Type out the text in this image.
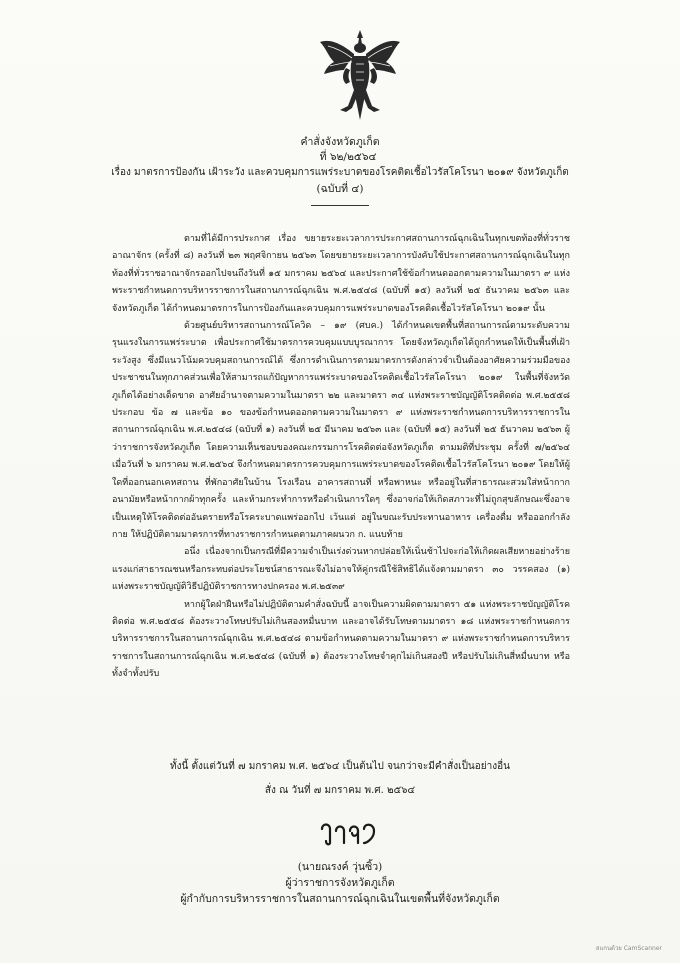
คำสั่งจังหวัดภูเก็ต
ที่ ๖๒/๒๕๖๔
เรื่อง มาตรการป้องกัน เฝ้าระวัง และควบคุมการแพร่ระบาดของโรคติดเชื้อไวรัสโคโรนา ๒๐๑๙ จังหวัดภูเก็ต
(ฉบับที่ ๔)

ตามที่ได้มีการประกาศ เรื่อง ขยายระยะเวลาการประกาศสถานการณ์ฉุกเฉินในทุกเขตท้องที่ทั่วราชอาณาจักร (ครั้งที่ ๘) ลงวันที่ ๒๓ พฤศจิกายน ๒๕๖๓ โดยขยายระยะเวลาการบังคับใช้ประกาศสถานการณ์ฉุกเฉินในทุกท้องที่ทั่วราชอาณาจักรออกไปจนถึงวันที่ ๑๕ มกราคม ๒๕๖๔ และประกาศใช้ข้อกำหนดออกตามความในมาตรา ๙ แห่งพระราชกำหนดการบริหารราชการในสถานการณ์ฉุกเฉิน พ.ศ.๒๕๔๘ (ฉบับที่ ๑๕) ลงวันที่ ๒๕ ธันวาคม ๒๕๖๓ และจังหวัดภูเก็ต ได้กำหนดมาตรการในการป้องกันและควบคุมการแพร่ระบาดของโรคติดเชื้อไวรัสโคโรนา ๒๐๑๙ นั้น

ด้วยศูนย์บริหารสถานการณ์โควิด – ๑๙ (ศบค.) ได้กำหนดเขตพื้นที่สถานการณ์ตามระดับความรุนแรงในการแพร่ระบาด เพื่อประกาศใช้มาตรการควบคุมแบบบูรณาการ โดยจังหวัดภูเก็ตได้ถูกกำหนดให้เป็นพื้นที่เฝ้าระวังสูง ซึ่งมีแนวโน้มควบคุมสถานการณ์ได้ ซึ่งการดำเนินการตามมาตรการดังกล่าวจำเป็นต้องอาศัยความร่วมมือของประชาชนในทุกภาคส่วนเพื่อให้สามารถแก้ปัญหาการแพร่ระบาดของโรคติดเชื้อไวรัสโคโรนา ๒๐๑๙ ในพื้นที่จังหวัดภูเก็ตได้อย่างเด็ดขาด อาศัยอำนาจตามความในมาตรา ๒๒ และมาตรา ๓๔ แห่งพระราชบัญญัติโรคติดต่อ พ.ศ.๒๕๕๘ ประกอบ ข้อ ๗ และข้อ ๑๐ ของข้อกำหนดออกตามความในมาตรา ๙ แห่งพระราชกำหนดการบริหารราชการในสถานการณ์ฉุกเฉิน พ.ศ.๒๕๔๘ (ฉบับที่ ๑) ลงวันที่ ๒๕ มีนาคม ๒๕๖๓ และ (ฉบับที่ ๑๕) ลงวันที่ ๒๕ ธันวาคม ๒๕๖๓ ผู้ว่าราชการจังหวัดภูเก็ต โดยความเห็นชอบของคณะกรรมการโรคติดต่อจังหวัดภูเก็ต ตามมติที่ประชุม ครั้งที่ ๗/๒๕๖๔ เมื่อวันที่ ๖ มกราคม พ.ศ.๒๕๖๔ จึงกำหนดมาตรการควบคุมการแพร่ระบาดของโรคติดเชื้อไวรัสโคโรนา ๒๐๑๙ โดยให้ผู้ใดที่ออกนอกเคหสถาน ที่พักอาศัยในบ้าน โรงเรือน อาคารสถานที่ หรือพาหนะ หรืออยู่ในที่สาธารณะสวมใส่หน้ากากอนามัยหรือหน้ากากผ้าทุกครั้ง และห้ามกระทำการหรือดำเนินการใดๆ ซึ่งอาจก่อให้เกิดสภาวะที่ไม่ถูกสุขลักษณะซึ่งอาจเป็นเหตุให้โรคติดต่ออันตรายหรือโรคระบาดแพร่ออกไป เว้นแต่ อยู่ในขณะรับประทานอาหาร เครื่องดื่ม หรือออกกำลังกาย ให้ปฏิบัติตามมาตรการที่ทางราชการกำหนดตามภาคผนวก ก. แนบท้าย

อนึ่ง เนื่องจากเป็นกรณีที่มีความจำเป็นเร่งด่วนหากปล่อยให้เนิ่นช้าไปจะก่อให้เกิดผลเสียหายอย่างร้ายแรงแก่สาธารณชนหรือกระทบต่อประโยชน์สาธารณะจึงไม่อาจให้คู่กรณีใช้สิทธิได้แจ้งตามมาตรา ๓๐ วรรคสอง (๑) แห่งพระราชบัญญัติวิธีปฏิบัติราชการทางปกครอง พ.ศ.๒๕๓๙

หากผู้ใดฝ่าฝืนหรือไม่ปฏิบัติตามคำสั่งฉบับนี้ อาจเป็นความผิดตามมาตรา ๕๑ แห่งพระราชบัญญัติโรคติดต่อ พ.ศ.๒๕๕๘ ต้องระวางโทษปรับไม่เกินสองหมื่นบาท และอาจได้รับโทษตามมาตรา ๑๘ แห่งพระราชกำหนดการบริหารราชการในสถานการณ์ฉุกเฉิน พ.ศ.๒๕๔๘ ตามข้อกำหนดตามความในมาตรา ๙ แห่งพระราชกำหนดการบริหารราชการในสถานการณ์ฉุกเฉิน พ.ศ.๒๕๔๘ (ฉบับที่ ๑) ต้องระวางโทษจำคุกไม่เกินสองปี หรือปรับไม่เกินสี่หมื่นบาท หรือทั้งจำทั้งปรับ

ทั้งนี้ ตั้งแต่วันที่ ๗ มกราคม พ.ศ. ๒๕๖๔ เป็นต้นไป จนกว่าจะมีคำสั่งเป็นอย่างอื่น
สั่ง ณ วันที่ ๗ มกราคม พ.ศ. ๒๕๖๔
(นายณรงค์ วุ่นซิ้ว)
ผู้ว่าราชการจังหวัดภูเก็ต
ผู้กำกับการบริหารราชการในสถานการณ์ฉุกเฉินในเขตพื้นที่จังหวัดภูเก็ต
สแกนด้วย CamScanner
